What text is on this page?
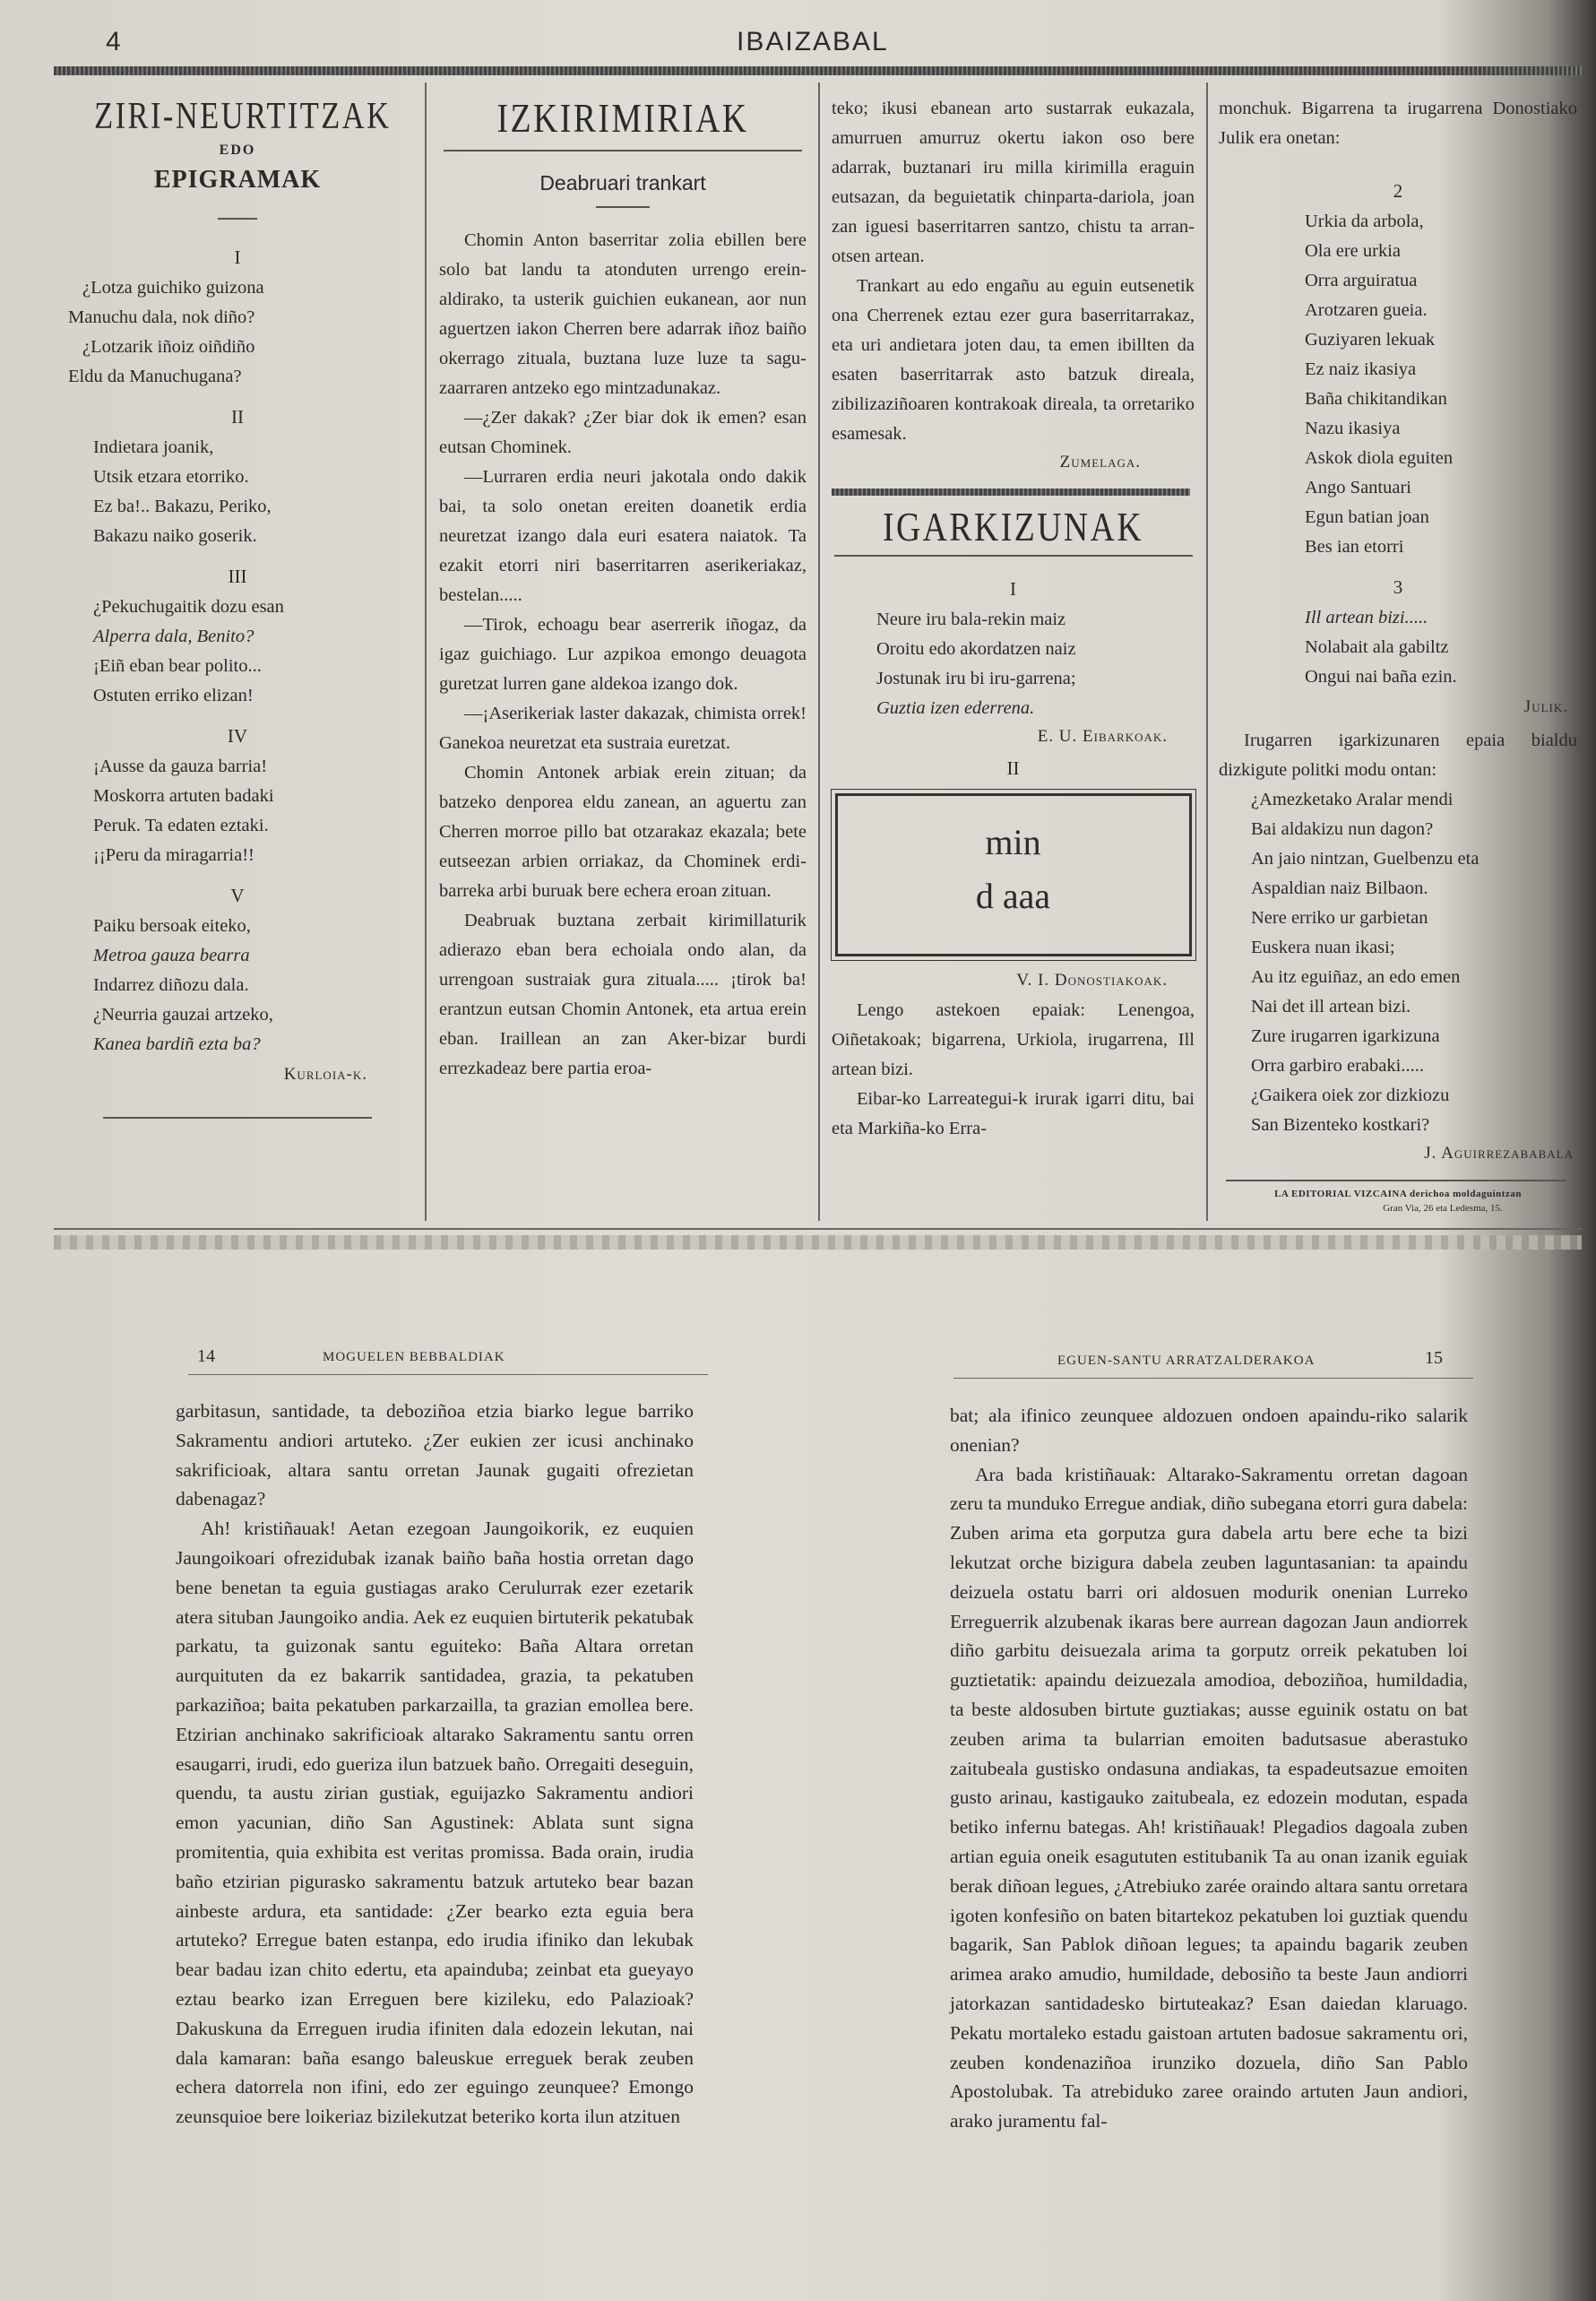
4	IBAIZABAL
ZIRI-NEURTITZAK
EDO
EPIGRAMAK
I
¿Lotza guichiko guizona
Manuchu dala, nok diño?
¿Lotzarik iñoiz oiñdiño
Eldu da Manuchugana?
II
Indietara joanik,
Utsik etzara etorriko.
Ez ba!.. Bakazu, Periko,
Bakazu naiko goserik.
III
¿Pekuchugaitik dozu esan
Alperra dala, Benito?
¡Eiñ eban bear polito...
Ostuten erriko elizan!
IV
¡Ausse da gauza barria!
Moskorra artuten badaki
Peruk. Ta edaten eztaki.
¡¡Peru da miragarria!!
V
Paiku bersoak eiteko,
Metroa gauza bearra
Indarrez diñozu dala.
¿Neurria gauzai artzeko,
Kanea bardiñ ezta ba?
Kurloia-k.
IZKIRIMIRIAK
Deabruari trankart

Chomin Anton baserritar zolia ebillen bere solo bat landu ta atonduten urrengo erein-aldirako, ta usterik guichien eukanean, aor nun aguertzen iakon Cherren bere adarrak iñoz baiño okerrago zituala, buztana luze luze ta sagu-zaarraren antzeko ego mintzadunakaz.

—¿Zer dakak? ¿Zer biar dok ik emen? esan eutsan Chominek.

—Lurraren erdia neuri jakotala ondo dakik bai, ta solo onetan ereiten doanetik erdia neuretzat izango dala euri esatera naiatok. Ta ezakit etorri niri baserritarren aserikeriakaz, bestelan.....

—Tirok, echoagu bear aserrerik iñogaz, da igaz guichiago. Lur azpikoa emongo deuagota guretzat lurren gane aldekoa izango dok.

—¡Aserikeriak laster dakazak, chimista orrek! Ganekoa neuretzat eta sustraia euretzat.

Chomin Antonek arbiak erein zituan; da batzeko denporea eldu zanean, an aguertu zan Cherren morroe pillo bat otzarakaz ekazala; bete eutseezan arbien orriakaz, da Chominek erdi-barreka arbi buruak bere echera eroan zituan.

Deabruak buztana zerbait kirimillaturik adierazo eban bera echoiala ondo alan, da urrengoan sustraiak gura zituala..... ¡tirok ba! erantzun eutsan Chomin Antonek, eta artua erein eban. Iraillean an zan Aker-bizar burdi errezkadeaz bere partia eroa-

teko; ikusi ebanean arto sustarrak eukazala, amurruen amurruz okertu iakon oso bere adarrak, buztanari iru milla kirimilla eraguin eutsazan, da beguietatik chinparta-dariola, joan zan iguesi baserritarren santzo, chistu ta arran-otsen artean.

Trankart au edo engañu au eguin eutsenetik ona Cherrenek eztau ezer gura baserritarrakaz, eta uri andietara joten dau, ta emen ibillten da esaten baserritarrak asto batzuk direala, zibilizaziñoaren kontrakoak direala, ta orretariko esamesak.

Zumelaga.
IGARKIZUNAK
I
Neure iru bala-rekin maiz
Oroitu edo akordatzen naiz
Jostunak iru bi iru-garrena;
Guztia izen ederrena.
E. U. Eibarkoak.
II
min
d aaa
V. I. Donostiakoak.

Lengo astekoen epaiak: Lenengoa, Oiñetakoak; bigarrena, Urkiola, irugarrena, Ill artean bizi.

Eibar-ko Larreategui-k irurak igarri ditu, bai eta Markiña-ko Erra-

monchuk. Bigarrena ta irugarrena Donostiako Julik era onetan:

2
Urkia da arbola,
Ola ere urkia
Orra arguiratua
Arotzaren gueia.
Guziyaren lekuak
Ez naiz ikasiya
Baña chikitandikan
Nazu ikasiya
Askok diola eguiten
Ango Santuari
Egun batian joan
Bes ian etorri
3
Ill artean bizi.....
Nolabait ala gabiltz
Ongui nai baña ezin.
Julik.

Irugarren igarkizunaren epaia bialdu dizkigute politki modu ontan:

¿Amezketako Aralar mendi
Bai aldakizu nun dagon?
An jaio nintzan, Guelbenzu eta
Aspaldian naiz Bilbaon.
Nere erriko ur garbietan
Euskera nuan ikasi;
Au itz eguiñaz, an edo emen
Nai det ill artean bizi.
Zure irugarren igarkizuna
Orra garbiro erabaki.....
¿Gaikera oiek zor dizkiozu
San Bizenteko kostkari?
J. Aguirrezababala
LA EDITORIAL VIZCAINA derichoa moldaguintzan
Gran Via, 26 eta Ledesma, 15.
14	MOGUELEN BEBBALDIAK

garbitasun, santidade, ta deboziñoa etzia biarko legue barriko Sakramentu andiori artuteko. ¿Zer eukien zer icusi anchinako sakrificioak, altara santu orretan Jaunak gugaiti ofrezietan dabenagaz?

Ah! kristiñauak! Aetan ezegoan Jaungoikorik, ez euquien Jaungoikoari ofrezidubak izanak baiño baña hostia orretan dago bene benetan ta eguia gustiagas arako Cerulurrak ezer ezetarik atera situban Jaungoiko andia. Aek ez euquien birtuterik pekatubak parkatu, ta guizonak santu eguiteko: Baña Altara orretan aurquituten da ez bakarrik santidadea, grazia, ta pekatuben parkaziñoa; baita pekatuben parkarzailla, ta grazian emollea bere. Etzirian anchinako sakrificioak altarako Sakramentu santu orren esaugarri, irudi, edo gueriza ilun batzuek baño. Orregaiti deseguin, quendu, ta austu zirian gustiak, eguijazko Sakramentu andiori emon yacunian, diño San Agustinek: Ablata sunt signa promitentia, quia exhibita est veritas promissa. Bada orain, irudia baño etzirian pigurasko sakramentu batzuk artuteko bear bazan ainbeste ardura, eta santidade: ¿Zer bearko ezta eguia bera artuteko? Erregue baten estanpa, edo irudia ifiniko dan lekubak bear badau izan chito edertu, eta apainduba; zeinbat eta gueyayo eztau bearko izan Erreguen bere kizileku, edo Palazioak? Dakuskuna da Erreguen irudia ifiniten dala edozein lekutan, nai dala kamaran: baña esango baleuskue erreguek berak zeuben echera datorrela non ifini, edo zer eguingo zeunquee? Emongo zeunsquioe bere loikeriaz bizilekutzat beteriko korta ilun atzituen

EGUEN-SANTU ARRATZALDERAKOA	15

bat; ala ifinico zeunquee aldozuen ondoen apaindu-riko salarik onenian?

Ara bada kristiñauak: Altarako-Sakramentu orretan dagoan zeru ta munduko Erregue andiak, diño subegana etorri gura dabela: Zuben arima eta gorputza gura dabela artu bere eche ta bizi lekutzat orche bizigura dabela zeuben laguntasanian: ta apaindu deizuela ostatu barri ori aldosuen modurik onenian Lurreko Erreguerrik alzubenak ikaras bere aurrean dagozan Jaun andiorrek diño garbitu deisuezala arima ta gorputz orreik pekatuben loi guztietatik: apaindu deizuezala amodioa, deboziñoa, humildadia, ta beste aldosuben birtute guztiakas; ausse eguinik ostatu on bat zeuben arima ta bularrian emoiten badutsasue aberastuko zaitubeala gustisko ondasuna andiakas, ta espadeutsazue emoiten gusto arinau, kastigauko zaitubeala, ez edozein modutan, espada betiko infernu bategas. Ah! kristiñauak! Plegadios dagoala zuben artian eguia oneik esagututen estitubanik Ta au onan izanik eguiak berak diñoan legues, ¿Atrebiuko zarée oraindo altara santu orretara igoten konfesiño on baten bitartekoz pekatuben loi guztiak quendu bagarik, San Pablok diñoan legues; ta apaindu bagarik zeuben arimea arako amudio, humildade, debosiño ta beste Jaun andiorri jatorkazan santidadesko birtuteakaz? Esan daiedan klaruago. Pekatu mortaleko estadu gaistoan artuten badosue sakramentu ori, zeuben kondenaziñoa irunziko dozuela, diño San Pablo Apostolubak. Ta atrebiduko zaree oraindo artuten Jaun andiori, arako juramentu fal-
